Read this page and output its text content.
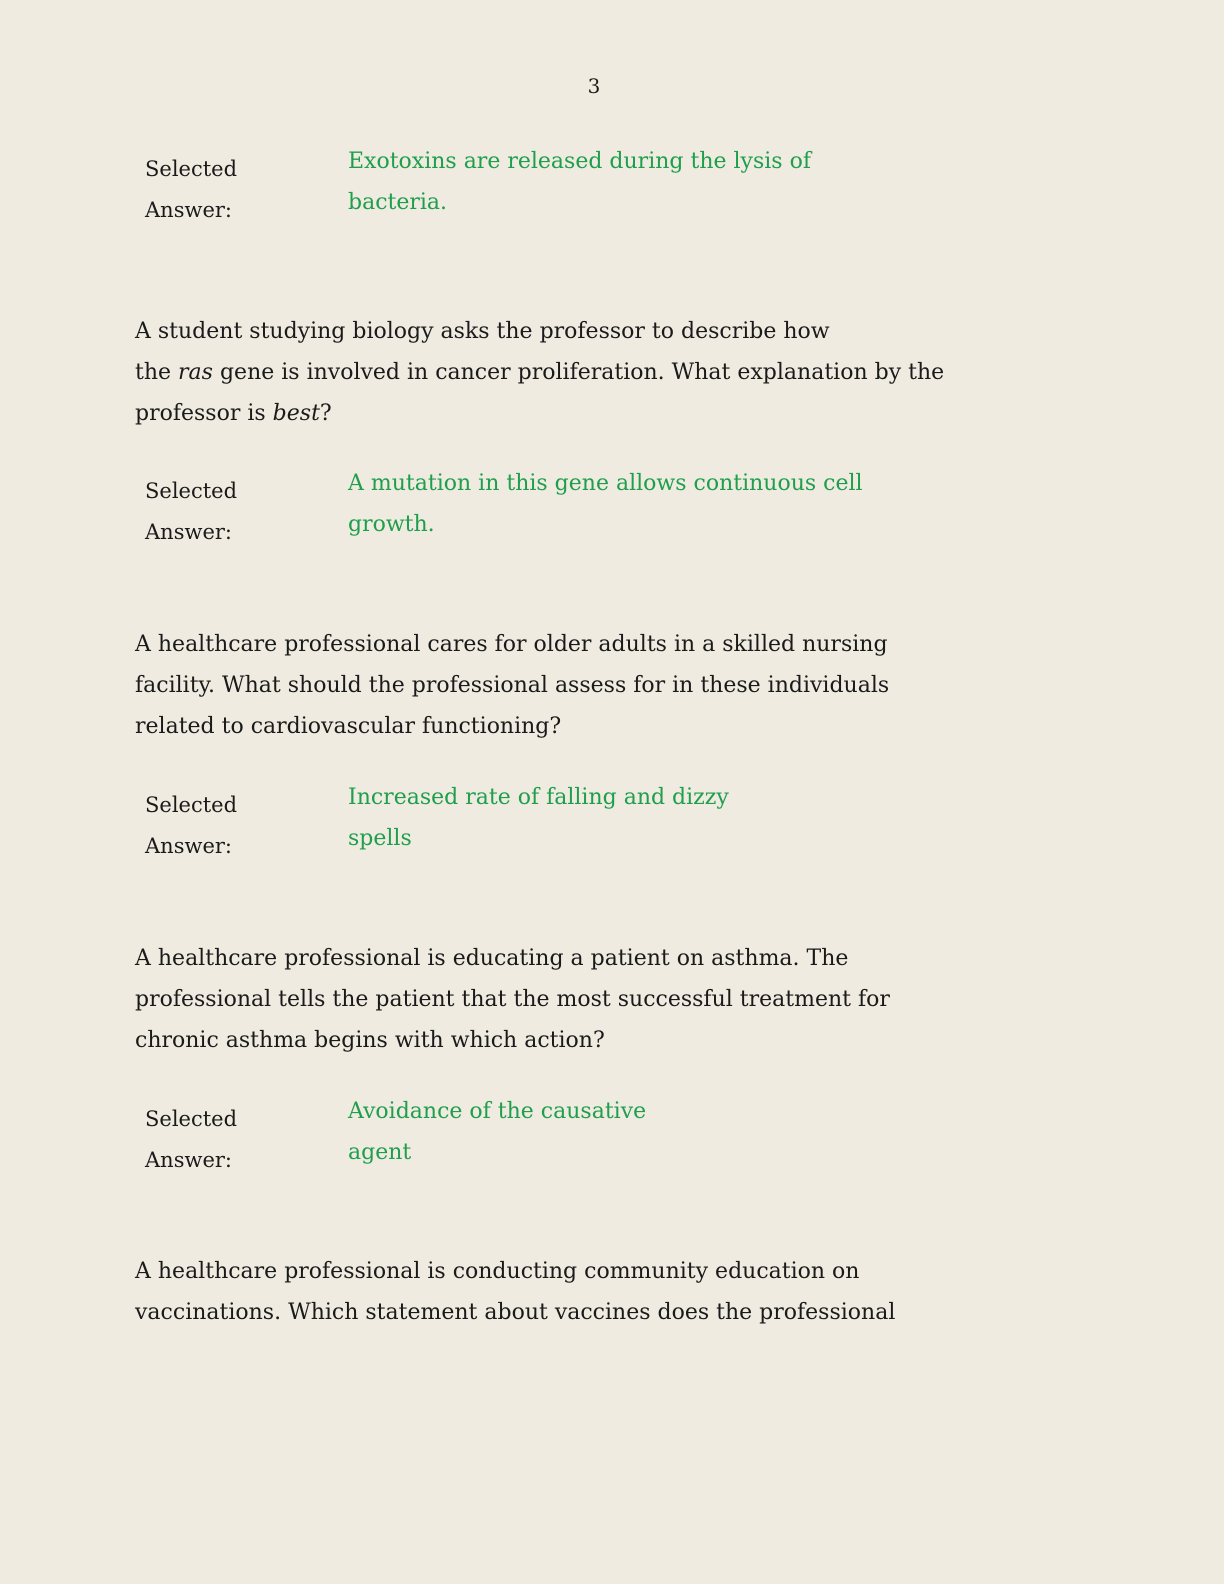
3
Selected
Answer:
Exotoxins are released during the lysis of
bacteria.
A student studying biology asks the professor to describe how
the ras gene is involved in cancer proliferation. What explanation by the
professor is best?
Selected
Answer:
A mutation in this gene allows continuous cell
growth.
A healthcare professional cares for older adults in a skilled nursing
facility. What should the professional assess for in these individuals
related to cardiovascular functioning?
Selected
Answer:
Increased rate of falling and dizzy
spells
A healthcare professional is educating a patient on asthma. The
professional tells the patient that the most successful treatment for
chronic asthma begins with which action?
Selected
Answer:
Avoidance of the causative
agent
A healthcare professional is conducting community education on
vaccinations. Which statement about vaccines does the professional
